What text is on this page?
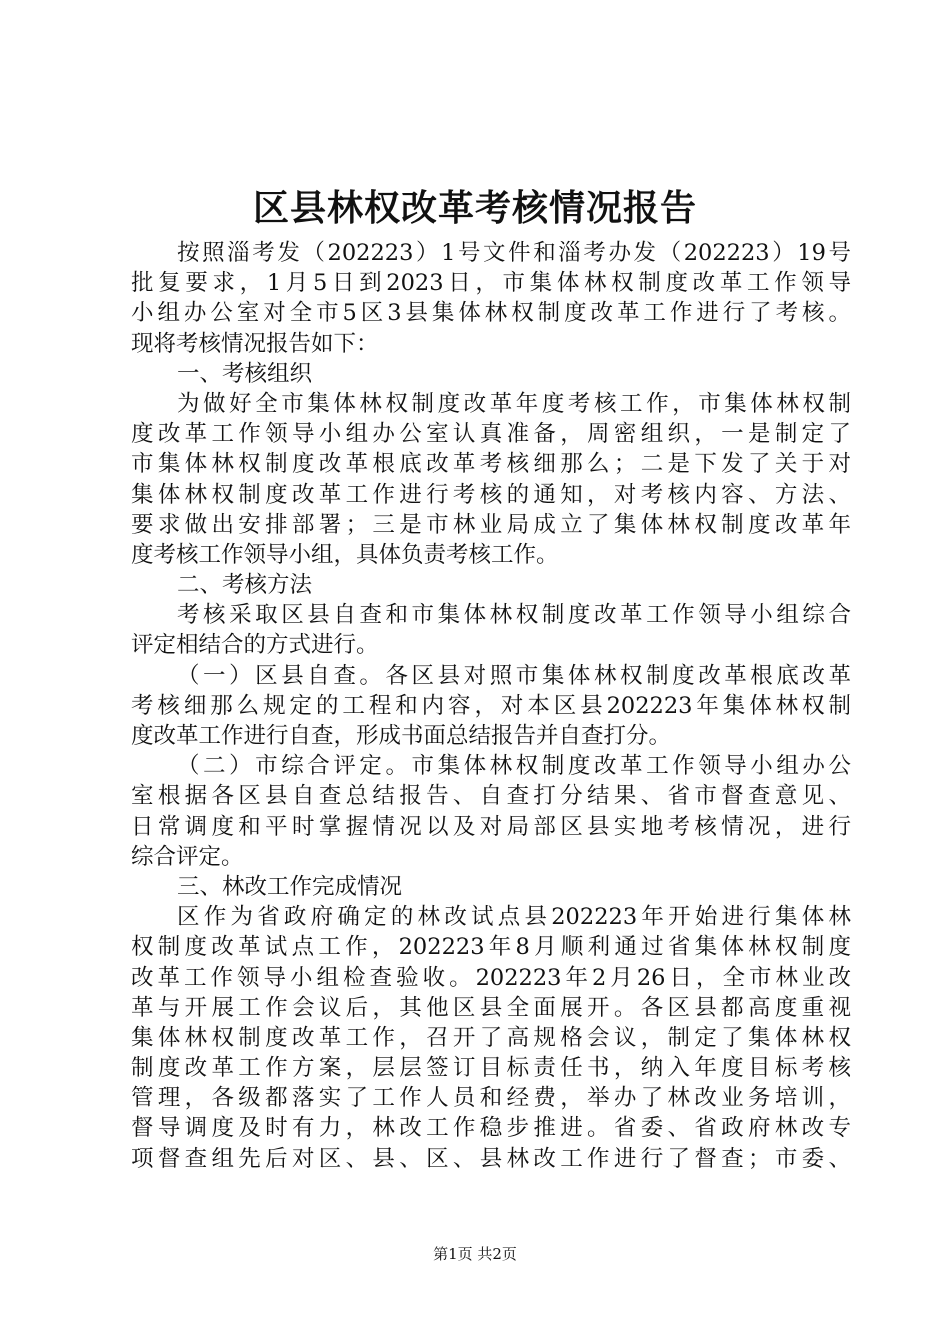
区县林权改革考核情况报告
按照淄考发（202223）1号文件和淄考办发（202223）19号
批复要求，1月5日到2023日，市集体林权制度改革工作领导
小组办公室对全市5区3县集体林权制度改革工作进行了考核。
现将考核情况报告如下：
一、考核组织
为做好全市集体林权制度改革年度考核工作，市集体林权制
度改革工作领导小组办公室认真准备，周密组织，一是制定了
市集体林权制度改革根底改革考核细那么；二是下发了关于对
集体林权制度改革工作进行考核的通知，对考核内容、方法、
要求做出安排部署；三是市林业局成立了集体林权制度改革年
度考核工作领导小组，具体负责考核工作。
二、考核方法
考核采取区县自查和市集体林权制度改革工作领导小组综合
评定相结合的方式进行。
（一）区县自查。各区县对照市集体林权制度改革根底改革
考核细那么规定的工程和内容，对本区县202223年集体林权制
度改革工作进行自查，形成书面总结报告并自查打分。
（二）市综合评定。市集体林权制度改革工作领导小组办公
室根据各区县自查总结报告、自查打分结果、省市督查意见、
日常调度和平时掌握情况以及对局部区县实地考核情况，进行
综合评定。
三、林改工作完成情况
区作为省政府确定的林改试点县202223年开始进行集体林
权制度改革试点工作，202223年8月顺利通过省集体林权制度
改革工作领导小组检查验收。202223年2月26日，全市林业改
革与开展工作会议后，其他区县全面展开。各区县都高度重视
集体林权制度改革工作，召开了高规格会议，制定了集体林权
制度改革工作方案，层层签订目标责任书，纳入年度目标考核
管理，各级都落实了工作人员和经费，举办了林改业务培训，
督导调度及时有力，林改工作稳步推进。省委、省政府林改专
项督查组先后对区、县、区、县林改工作进行了督查；市委、
第1页 共2页
